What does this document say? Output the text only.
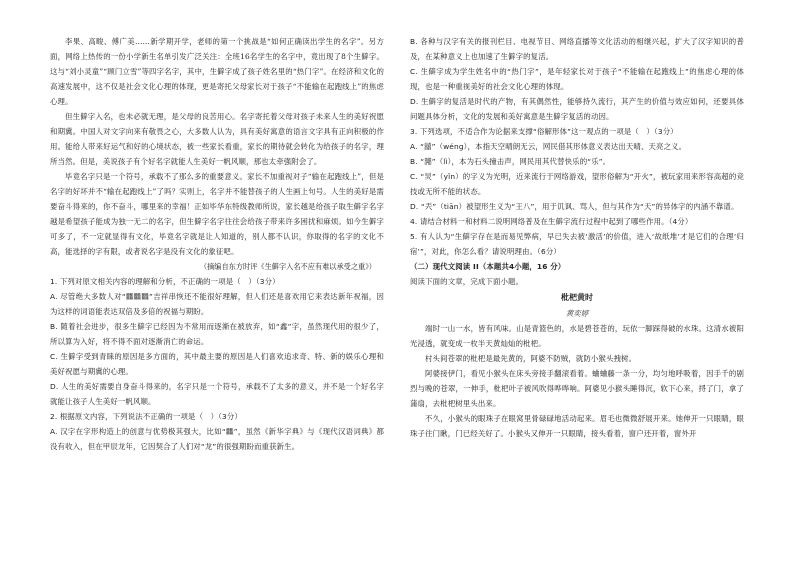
李果、高畯、傅广美……新学期开学，老师的第一个挑战是“如何正确读出学生的名字”。另方面，网络上热传的一份小学新生名单引发广泛关注：全班16名学生的名字中，竟出现了8个生僻字。这与“刘小灵童”“顾门立雪”等四字名字，其中，生僻字成了孩子姓名里的“热门字”。在经济和文化的高速发展中，这不仅是社会文化心理的体现，更是寄托父母家长对于孩子“不能输在起跑线上”的焦虑心理。

但生僻字入名，也未必就无理，是父母的良苦用心。名字寄托着父母对孩子未来人生的美好祝愿和期冀。中国人对文字向来有敬畏之心，大多数人认为，具有美好寓意的语言文字具有正向积极的作用。能给人带来好运气和好的心境状态，被一些家长看重，家长的期待就会转化为给孩子的名字，理所当然。但是，美说孩子有个好名字就能人生美好一帆风顺，那也太牵强附会了。

毕竟名字只是一个符号，承载不了那么多的重要意义。家长不加重视对子“输在起跑线上”，但是名字的好坏并不“输在起跑线上”了吗？实则上，名字并不能替孩子的人生画上句号。人生的美好是需要奋斗得来的，你不奋斗，哪里来的幸福！正如毕华东特级教师所说，家长越是给孩子取生僻字名字越是希望孩子能成为独一无二的名字，但生僻字名字往往会给孩子带来许多困扰和麻烦。如今生僻字可多了，不一定就显得有文化，毕竟名字就是让人知道的，别人都不认识，你取得的名字的文化不高，能选择的字有限，或者说名字是没有文化的象征吧。

（摘编自东方时评《生僻字入名不应有难以承受之重》）

1. 下列对原文相关内容的理解和分析，不正确的一项是（　）（3分）

A. 尽管绝大多数人对“𪚥𪚥𪚥”吉祥串恢还不能很好理解，但人们还是喜欢用它来表达新年祝福，因为这样的词语能表达双倍及多倍的祝福与期盼。

B. 随着社会进步，很多生僻字已经因为不常用而逐渐在被放弃，如“鑫”字，虽然现代用的很少了，所以算为入好，将不得不面对逐渐消亡的命运。

C. 生僻字受到青睐的原因是多方面的，其中最主要的原因是人们喜欢追求奇、特、新的娱乐心理和美好祝愿与期冀的心理。

D. 人生的美好需要自身奋斗得来的，名字只是一个符号，承载不了太多的意义，并不是一个好名字就能让孩子人生美好一帆风顺。

2. 根据原文内容，下列说法不正确的一项是（　）（3分）

A. 汉字在字形构造上的创意与优势极其强大，比如“𪚥”，虽然《新华字典》与《现代汉语词典》都没有收入，但在甲辰龙年，它因契合了人们对“龙”的很强期盼而重获新生。

B. 各种与汉字有关的报刊栏目、电视节目、网络直播等文化活动的相继兴起，扩大了汉字知识的普及，在某种意义上也加速了生僻字的复活。

C. 生僻字成为学生姓名中的“热门字”，是年轻家长对于孩子“不能输在起跑线上”的焦虑心理的体现，也是一种重视美好的社会文化心理的体现。

D. 生僻字的复活是时代的产物，有其偶然性，能够持久流行，其产生的价值与效应如何，还要具体问题具体分析，文化的发展和美好寓意是生僻字复活的动因。

3. 下列选项，不适合作为论据来支撑“俗解形体”这一观点的一项是（　）（3分）

A. “囍”（wéng），本指天空晴朗无云，网民借其形体意义表达出天晴、天亮之义。

B. “嘂”（lì），本为石头撞击声，网民用其代替快乐的“乐”。

C. “炅”（yǐn）的字义为光明，近来流行于网络游戏，望形俗解为“开火”，被玩家用来形容高超的竞技或无所不能的状态。

D. “兲”（tiān）被望形生义为“王八”，用于讥讽、骂人，但与其作为“天”的异体字的内涵不靠谱。

4. 请结合材料一和材料二说明网络普及在生僻字流行过程中起到了哪些作用。（4分）

5. 有人认为“生僻字存在是而易见弊病，早已失去被‘激活’的价值，进入‘故纸堆’才是它们的合理‘归宿’”，对此，你怎么看？请说明理由。（6分）

（二）现代文阅读 II（本题共4小题，16 分）

阅读下面的文章，完成下面小题。

枇杷黄时

黄奕婷

端时一山一水，皆有风味。山是青篮色的，水是碧苍苍的，玩依一脚踩得破的水珠。这清水被阳光浸透，就变成一枚半天黄灿灿的枇杷。

村头间苍翠的枇杷是最先黄的，阿婆不防贼，就防小猴头拽树。

阿婆接伊门，看见小猴头在床头旁接手翻滚看着。蛐蛐藤一条一分，均匀地呼吸着，因手千的剧烈与晚的苍翠，一伸手，枇杷叶子被风吹得哗哗响。阿婆见小猴头睡得沉，软下心来，捋了门，拿了蒲扇，去枇杷树里头出来。

不久，小猴头的眼珠子在眼窝里骨碌碌地活动起来。眉毛也微微舒展开来。她伸开一只眼睛，眼珠子往门瞅，门已经关好了。小猴头又伸开一只眼睛，接头看着，窗户还开着，窗外开
